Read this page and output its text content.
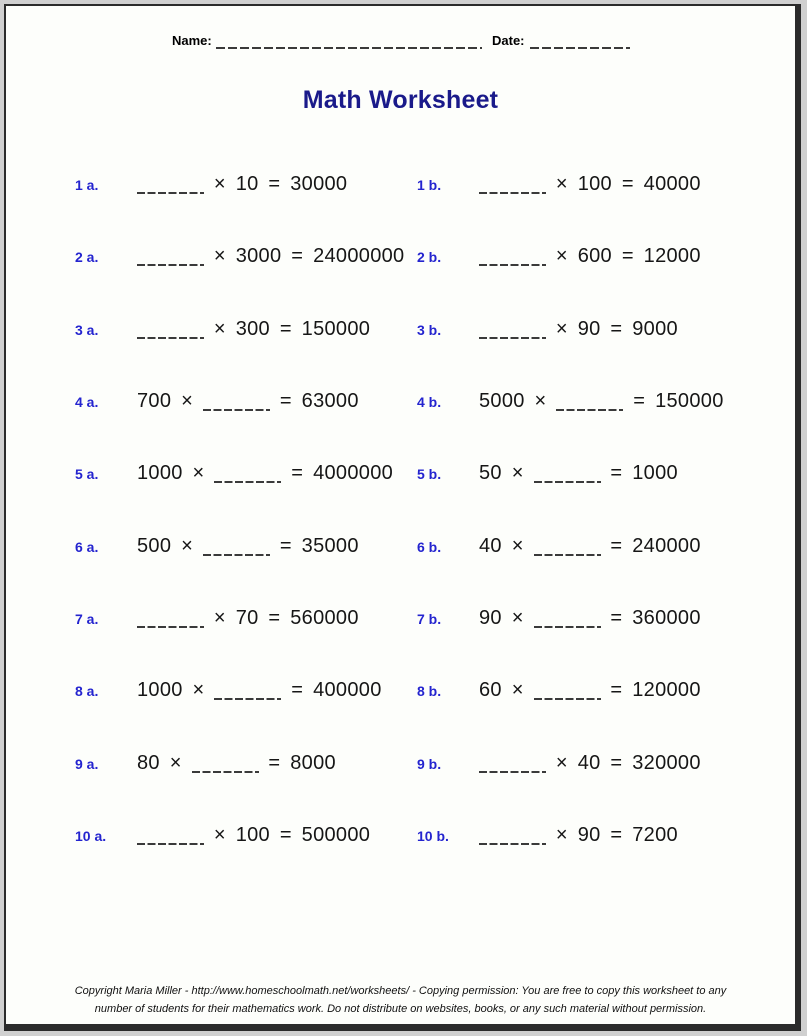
Name:	Date:
Math Worksheet
1 a.	× 10 = 30000	1 b.	× 100 = 40000
2 a.	× 3000 = 24000000 2 b.	× 600 = 12000
3 a.	× 300 = 150000	3 b.	× 90 = 9000
4 a. 700 ×	= 63000	4 b. 5000 ×	= 150000
5 a. 1000 ×	= 4000000 5 b. 50 ×	= 1000
6 a. 500 ×	= 35000	6 b. 40 ×	= 240000
7 a.	× 70 = 560000	7 b. 90 ×	= 360000
8 a. 1000 ×	= 400000	8 b. 60 ×	= 120000
9 a. 80 ×	= 8000	9 b.	× 40 = 320000
10 a.	× 100 = 500000	10 b.	× 90 = 7200
Copyright Maria Miller - http://www.homeschoolmath.net/worksheets/ - Copying permission: You are free to copy this worksheet to any
number of students for their mathematics work. Do not distribute on websites, books, or any such material without permission.
